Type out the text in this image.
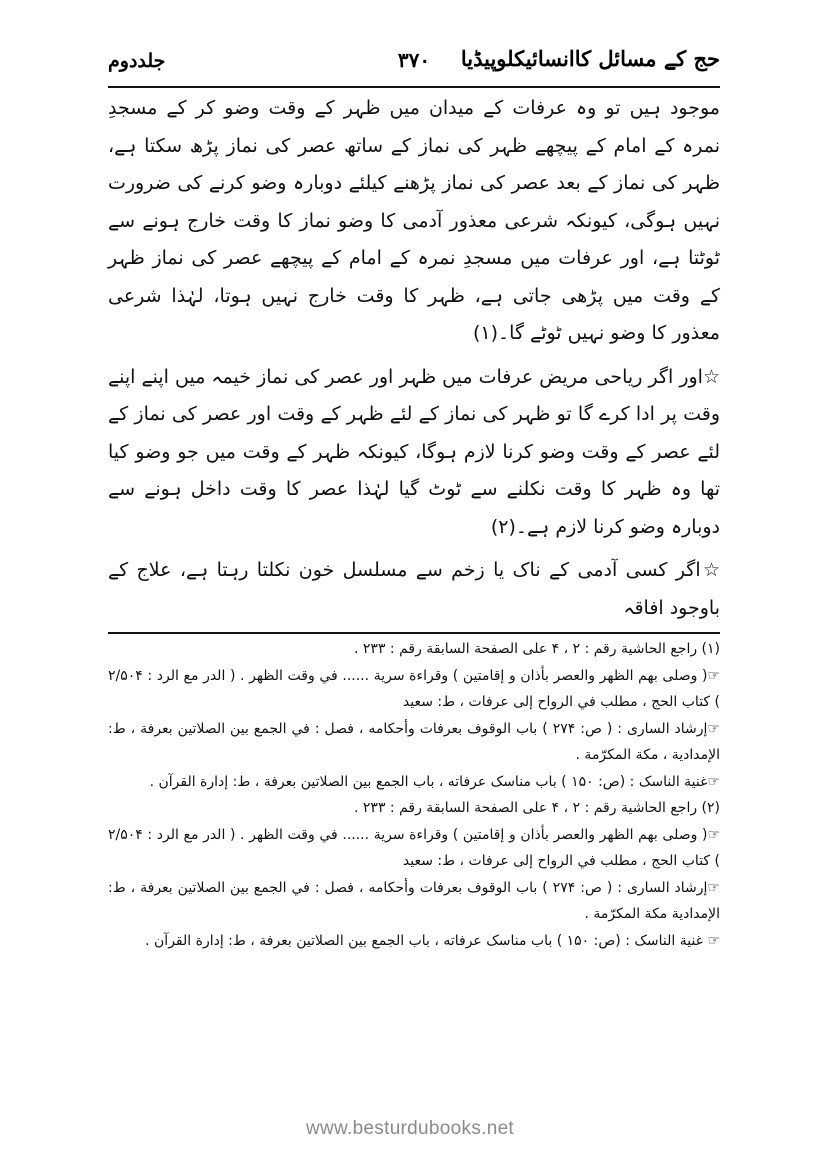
حج کے مسائل کاانسائیکلوپیڈیا
۳۷۰
جلددوم

موجود ہیں تو وہ عرفات کے میدان میں ظہر کے وقت وضو کر کے مسجدِ نمرہ کے امام کے پیچھے ظہر کی نماز کے ساتھ عصر کی نماز پڑھ سکتا ہے، ظہر کی نماز کے بعد عصر کی نماز پڑھنے کیلئے دوبارہ وضو کرنے کی ضرورت نہیں ہوگی، کیونکہ شرعی معذور آدمی کا وضو نماز کا وقت خارج ہونے سے ٹوٹتا ہے، اور عرفات میں مسجدِ نمرہ کے امام کے پیچھے عصر کی نماز ظہر کے وقت میں پڑھی جاتی ہے، ظہر کا وقت خارج نہیں ہوتا، لہٰذا شرعی معذور کا وضو نہیں ٹوٹے گا۔(۱)

☆اور اگر ریاحی مریض عرفات میں ظہر اور عصر کی نماز خیمہ میں اپنے اپنے وقت پر ادا کرے گا تو ظہر کی نماز کے لئے ظہر کے وقت اور عصر کی نماز کے لئے عصر کے وقت وضو کرنا لازم ہوگا، کیونکہ ظہر کے وقت میں جو وضو کیا تھا وہ ظہر کا وقت نکلنے سے ٹوٹ گیا لہٰذا عصر کا وقت داخل ہونے سے دوبارہ وضو کرنا لازم ہے۔(۲)

☆اگر کسی آدمی کے ناک یا زخم سے مسلسل خون نکلتا رہتا ہے، علاج کے باوجود افاقہ

(۱) راجع الحاشية رقم : ۲ ، ۴ على الصفحة السابقة رقم : ۲۳۳ .

☞( وصلى بهم الظهر والعصر بأذان و إقامتين ) وقراءة سرية ...... في وقت الظهر . ( الدر مع الرد : ۲/۵۰۴ ) كتاب الحج ، مطلب في الرواح إلى عرفات ، ط: سعيد

☞إرشاد الساری : ( ص: ۲۷۴ ) باب الوقوف بعرفات وأحكامه ، فصل : في الجمع بين الصلاتين بعرفة ، ط: الإمدادية ، مكة المكرّمة .

☞غنية الناسک : (ص: ۱۵۰ ) باب مناسک عرفاته ، باب الجمع بين الصلاتين بعرفة ، ط: إدارة القرآن .

(۲) راجع الحاشية رقم : ۲ ، ۴ على الصفحة السابقة رقم : ۲۳۳ .

☞( وصلى بهم الظهر والعصر بأذان و إقامتين ) وقراءة سرية ...... في وقت الظهر . ( الدر مع الرد : ۲/۵۰۴ ) كتاب الحج ، مطلب في الرواح إلى عرفات ، ط: سعيد

☞إرشاد الساری : ( ص: ۲۷۴ ) باب الوقوف بعرفات وأحكامه ، فصل : في الجمع بين الصلاتين بعرفة ، ط: الإمدادية مكة المكرّمة .

☞ غنية الناسک : (ص: ۱۵۰ ) باب مناسک عرفاته ، باب الجمع بين الصلاتين بعرفة ، ط: إدارة القرآن .

www.besturdubooks.net
